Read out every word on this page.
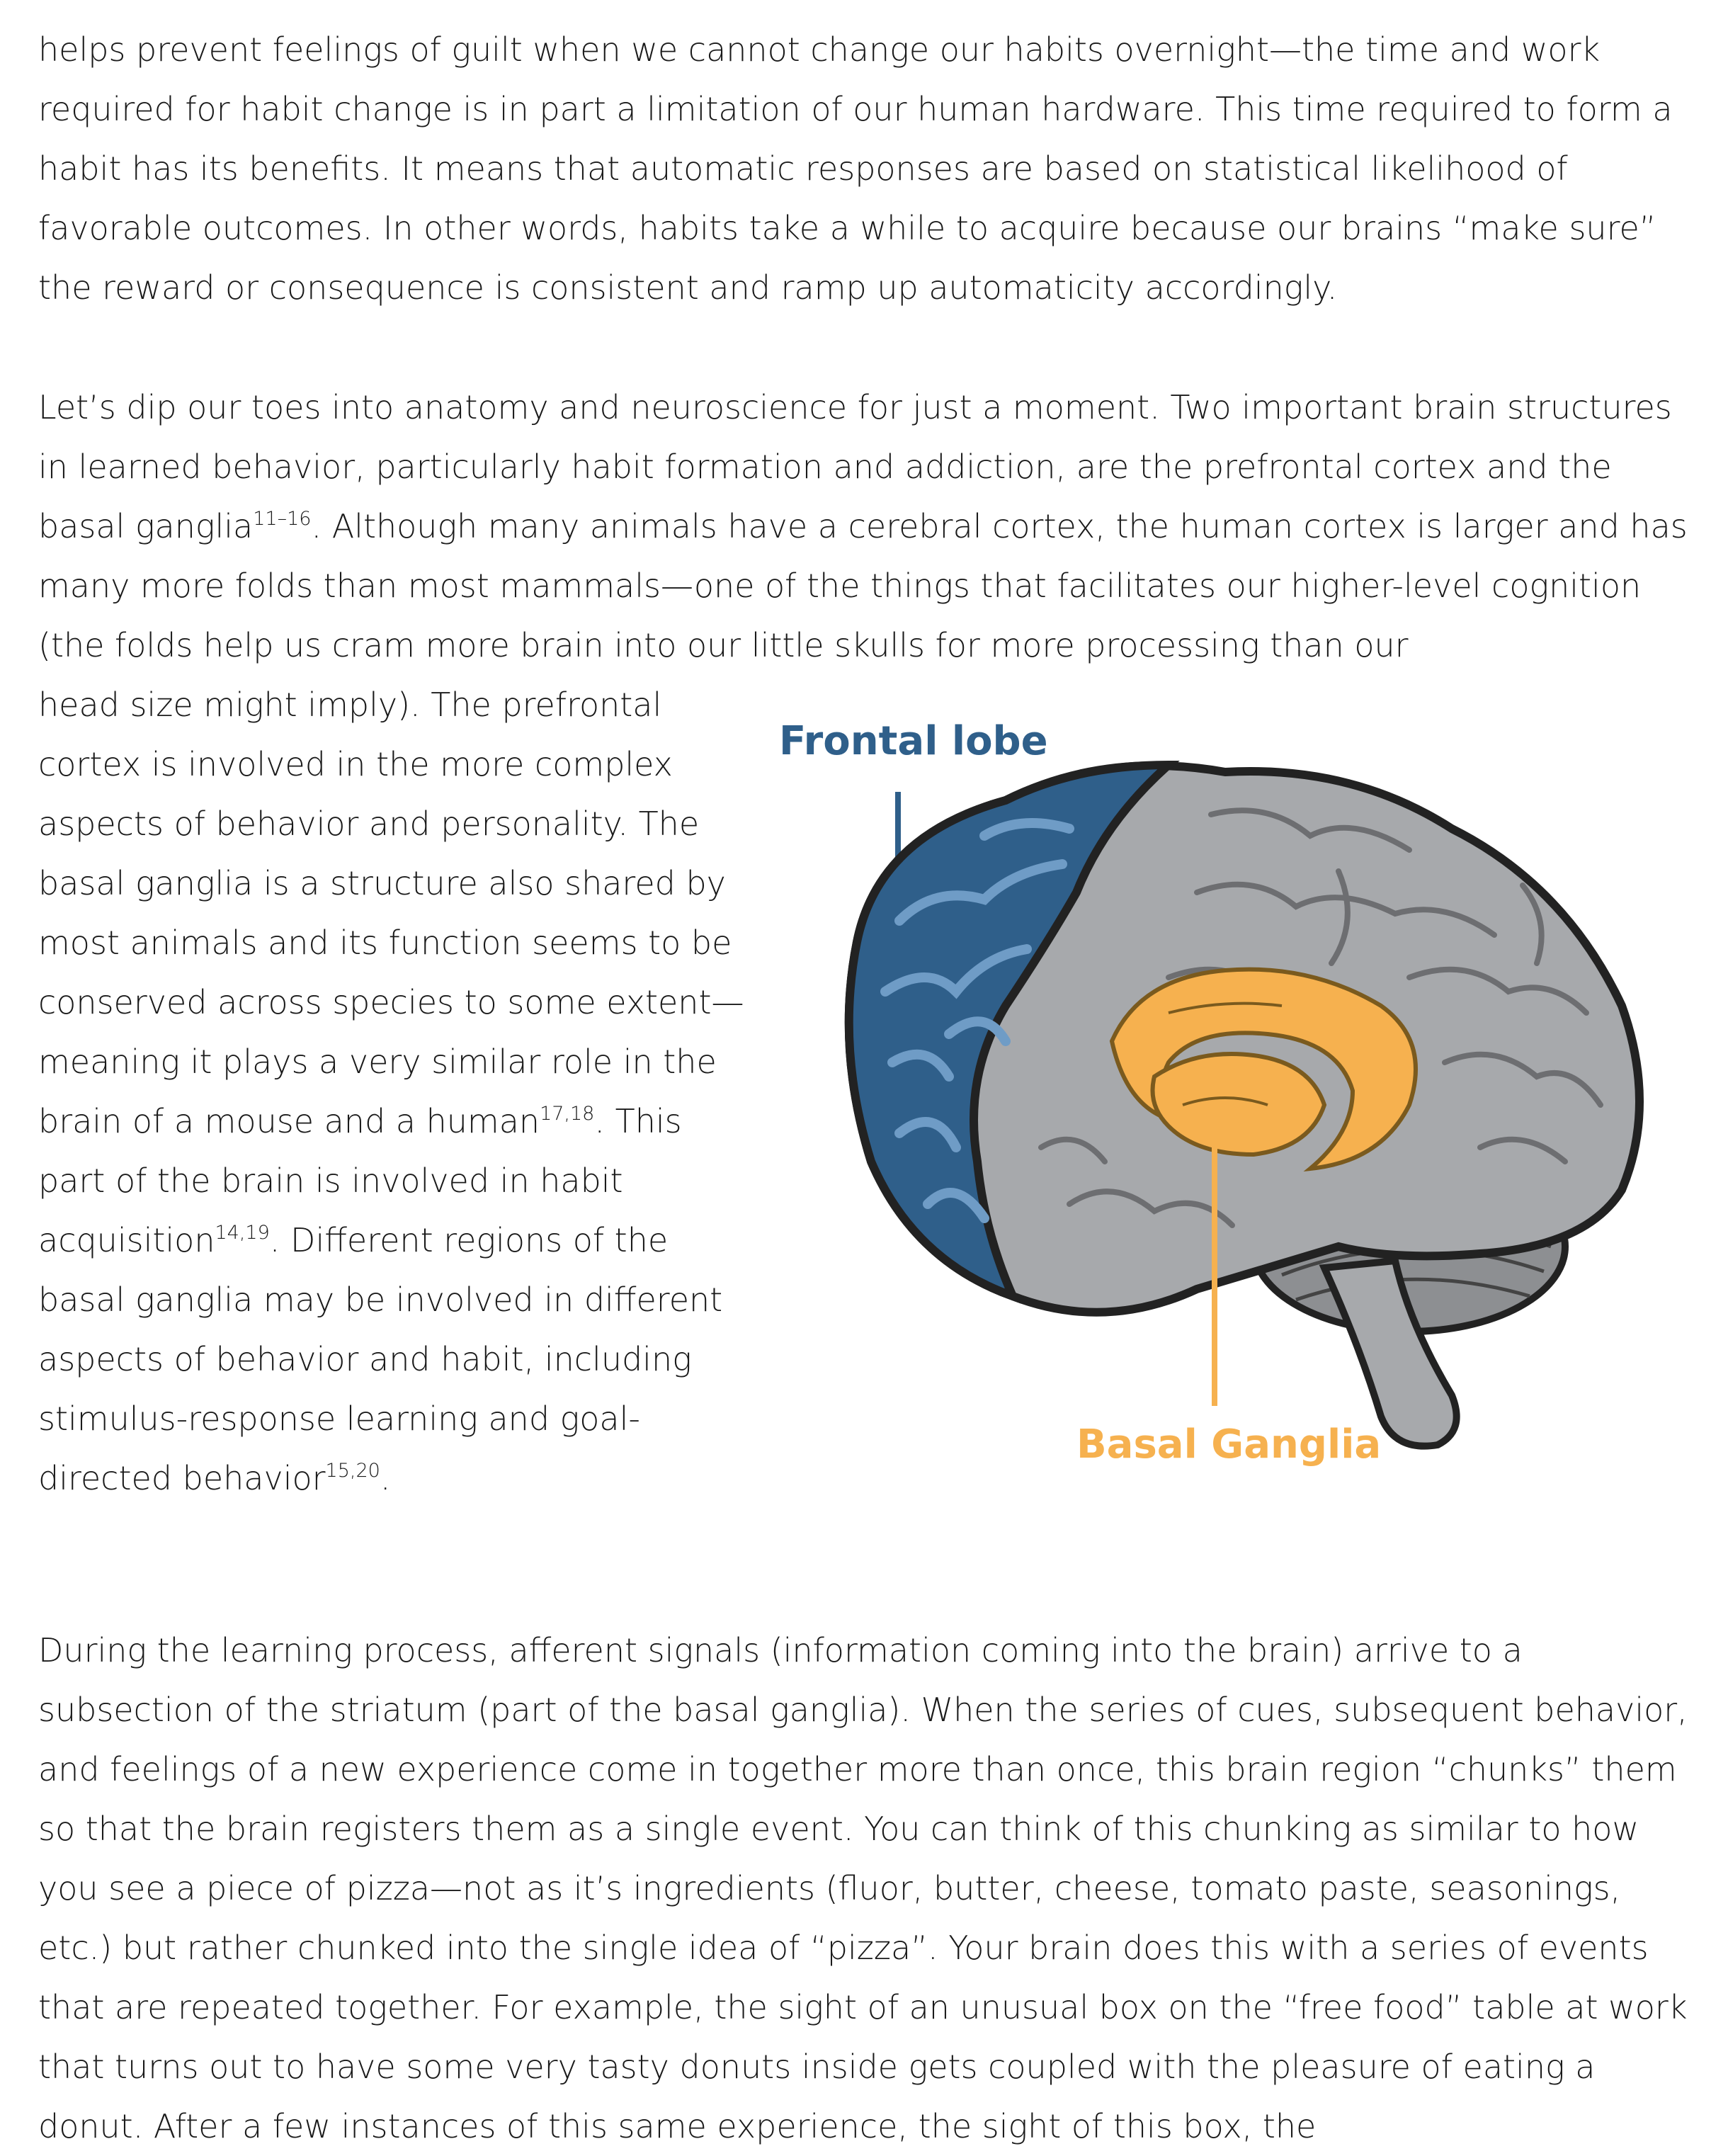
helps prevent feelings of guilt when we cannot change our habits overnight—the time and work required for habit change is in part a limitation of our human hardware. This time required to form a habit has its benefits. It means that automatic responses are based on statistical likelihood of favorable outcomes. In other words, habits take a while to acquire because our brains “make sure” the reward or consequence is consistent and ramp up automaticity accordingly.

Let’s dip our toes into anatomy and neuroscience for just a moment. Two important brain structures in learned behavior, particularly habit formation and addiction, are the prefrontal cortex and the basal ganglia$^{11-16}$. Although many animals have a cerebral cortex, the human cortex is larger and has many more folds than most mammals—one of the things that facilitates our higher-level cognition (the folds help us cram more brain into our little skulls for more processing than our

head size might imply). The prefrontal cortex is involved in the more complex aspects of behavior and personality. The basal ganglia is a structure also shared by most animals and its function seems to be conserved across species to some extent—meaning it plays a very similar role in the brain of a mouse and a human$^{17,18}$. This part of the brain is involved in habit acquisition$^{14,19}$. Different regions of the basal ganglia may be involved in different aspects of behavior and habit, including stimulus-response learning and goal-directed behavior$^{15,20}$.

Frontal lobe
Basal Ganglia

During the learning process, afferent signals (information coming into the brain) arrive to a subsection of the striatum (part of the basal ganglia). When the series of cues, subsequent behavior, and feelings of a new experience come in together more than once, this brain region “chunks” them so that the brain registers them as a single event. You can think of this chunking as similar to how you see a piece of pizza—not as it’s ingredients (fluor, butter, cheese, tomato paste, seasonings, etc.) but rather chunked into the single idea of “pizza”. Your brain does this with a series of events that are repeated together. For example, the sight of an unusual box on the “free food” table at work that turns out to have some very tasty donuts inside gets coupled with the pleasure of eating a donut. After a few instances of this same experience, the sight of this box, the
